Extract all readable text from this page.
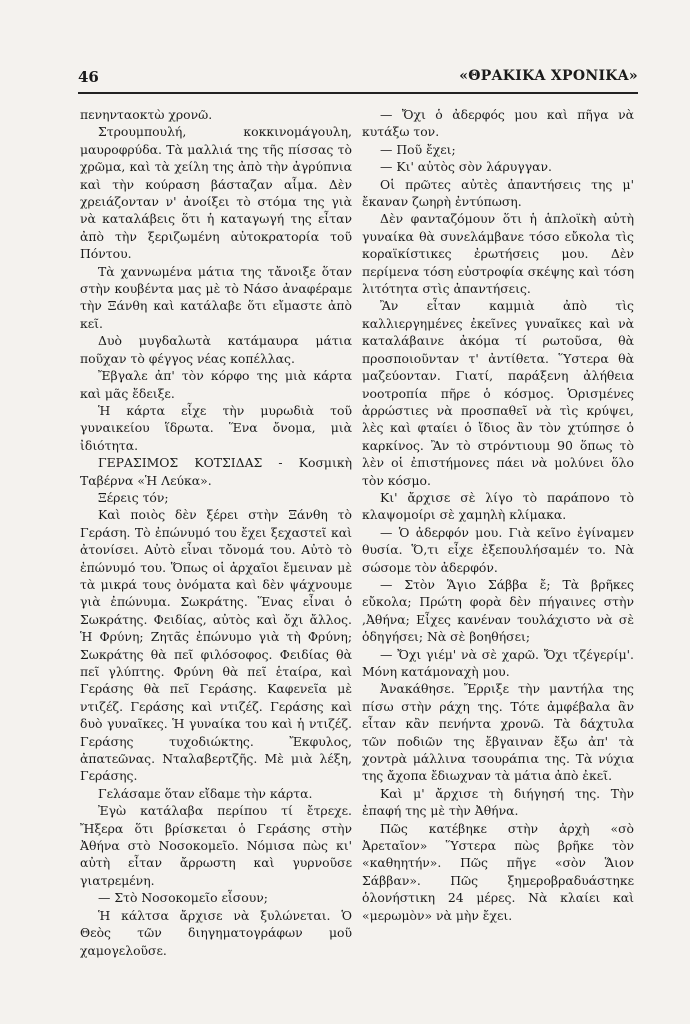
46	«ΘΡΑΚΙΚΑ ΧΡΟΝΙΚΑ»

πενηνταοκτὼ χρονῶ.

Στρουμπουλή, κοκκινομάγουλη, μαυροφρύδα. Τὰ μαλλιά της τῆς πίσσας τὸ χρῶμα, καὶ τὰ χείλη της ἀπὸ τὴν ἀγρύπνια καὶ τὴν κούραση βάσταζαν αἷμα. Δὲν χρειάζονταν ν' ἀνοίξει τὸ στόμα της γιὰ νὰ καταλάβεις ὅτι ἡ καταγωγή της εἶταν ἀπὸ τὴν ξεριζωμένη αὐτοκρατορία τοῦ Πόντου.

Τὰ χαννωμένα μάτια της τἄνοιξε ὅταν στὴν κουβέντα μας μὲ τὸ Νάσο ἀναφέραμε τὴν Ξάνθη καὶ κατάλαβε ὅτι εἴμαστε ἀπὸ κεῖ.

Δυὸ μυγδαλωτὰ κατάμαυρα μάτια ποῦχαν τὸ φέγγος νέας κοπέλλας.

Ἔβγαλε ἀπ' τὸν κόρφο της μιὰ κάρτα καὶ μᾶς ἔδειξε.

Ἡ κάρτα εἶχε τὴν μυρωδιὰ τοῦ γυναικείου ἵδρωτα. Ἕνα ὄνομα, μιὰ ἰδιότητα.

ΓΕΡΑΣΙΜΟΣ ΚΟΤΣΙΔΑΣ - Κοσμικὴ Ταβέρνα «Ἡ Λεύκα».

Ξέρεις τόν;

Καὶ ποιὸς δὲν ξέρει στὴν Ξάνθη τὸ Γεράση. Τὸ ἐπώνυμό του ἔχει ξεχαστεῖ καὶ ἀτονίσει. Αὐτὸ εἶναι τὄνομά του. Αὐτὸ τὸ ἐπώνυμό του. Ὅπως οἱ ἀρχαῖοι ἔμειναν μὲ τὰ μικρά τους ὀνόματα καὶ δὲν ψάχνουμε γιὰ ἐπώνυμα. Σωκράτης. Ἕνας εἶναι ὁ Σωκράτης. Φειδίας, αὐτὸς καὶ ὄχι ἄλλος. Ἡ Φρύνη; Ζητᾶς ἐπώνυμο γιὰ τὴ Φρύνη; Σωκράτης θὰ πεῖ φιλόσοφος. Φειδίας θὰ πεῖ γλύπτης. Φρύνη θὰ πεῖ ἑταίρα, καὶ Γεράσης θὰ πεῖ Γεράσης. Καφενεῖα μὲ ντιζέζ. Γεράσης καὶ ντιζέζ. Γεράσης καὶ δυὸ γυναῖκες. Ἡ γυναίκα του καὶ ἡ ντιζέζ. Γεράσης τυχοδιώκτης. Ἔκφυλος, ἀπατεῶνας. Νταλαβερτζῆς. Μὲ μιὰ λέξη, Γεράσης.

Γελάσαμε ὅταν εἴδαμε τὴν κάρτα.

Ἐγὼ κατάλαβα περίπου τί ἔτρεχε. Ἤξερα ὅτι βρίσκεται ὁ Γεράσης στὴν Ἀθήνα στὸ Νοσοκομεῖο. Νόμισα πὼς κι' αὐτὴ εἶταν ἄρρωστη καὶ γυρνοῦσε γιατρεμένη.

— Στὸ Νοσοκομεῖο εἶσουν;

Ἡ κάλτσα ἄρχισε νὰ ξυλώνεται. Ὁ Θεὸς τῶν διηγηματογράφων μοῦ χαμογελοῦσε.

— Ὄχι ὁ ἀδερφός μου καὶ πῆγα νὰ κυτάξω τον.

— Ποῦ ἔχει;

— Κι' αὐτὸς σὸν λάρυγγαν.

Οἱ πρῶτες αὐτὲς ἀπαντήσεις της μ' ἔκαναν ζωηρὴ ἐντύπωση.

Δὲν φανταζόμουν ὅτι ἡ ἁπλοϊκὴ αὐτὴ γυναίκα θὰ συνελάμβανε τόσο εὔκολα τὶς κοραϊκίστικες ἐρωτήσεις μου. Δὲν περίμενα τόση εὐστροφία σκέψης καὶ τόση λιτότητα στὶς ἀπαντήσεις.

Ἂν εἶταν καμμιὰ ἀπὸ τὶς καλλιεργημένες ἐκεῖνες γυναῖκες καὶ νὰ καταλάβαινε ἀκόμα τί ρωτοῦσα, θὰ προσποιοῦνταν τ' ἀντίθετα. Ὕστερα θὰ μαζεύονταν. Γιατί, παράξενη ἀλήθεια νοοτροπία πῆρε ὁ κόσμος. Ὁρισμένες ἀρρώστιες νὰ προσπαθεῖ νὰ τὶς κρύψει, λὲς καὶ φταίει ὁ ἴδιος ἂν τὸν χτύπησε ὁ καρκίνος. Ἂν τὸ στρόντιουμ 90 ὅπως τὸ λὲν οἱ ἐπιστήμονες πάει νὰ μολύνει ὅλο τὸν κόσμο.

Κι' ἄρχισε σὲ λίγο τὸ παράπονο τὸ κλαψομοίρι σὲ χαμηλὴ κλίμακα.

— Ὁ ἀδερφόν μου. Γιὰ κεῖνο ἐγίναμεν θυσία. Ὅ,τι εἶχε ἐξεπουλήσαμέν το. Νὰ σώσομε τὸν ἀδερφόν.

— Στὸν Ἅγιο Σάββα ἔ; Τὰ βρῆκες εὔκολα; Πρώτη φορὰ δὲν πήγαινες στὴν ,Ἀθήνα; Εἶχες κανέναν τουλάχιστο νὰ σὲ ὁδηγήσει; Νὰ σὲ βοηθήσει;

— Ὄχι γιέμ' νὰ σὲ χαρῶ. Ὄχι τζέγερίμ'. Μόνη κατάμοναχὴ μου.

Ἀνακάθησε. Ἔρριξε τὴν μαντήλα της πίσω στὴν ράχη της. Τότε ἀμφέβαλα ἂν εἶταν κἂν πενήντα χρονῶ. Τὰ δάχτυλα τῶν ποδιῶν της ἔβγαιναν ἔξω ἀπ' τὰ χοντρὰ μάλλινα τσουράπια της. Τὰ νύχια της ἄχοπα ἔδιωχναν τὰ μάτια ἀπὸ ἐκεῖ.

Καὶ μ' ἄρχισε τὴ διήγησή της. Τὴν ἐπαφή της μὲ τὴν Ἀθήνα.

Πῶς κατέβηκε στὴν ἀρχὴ «σὸ Ἀρεταῖον» Ὕστερα πὼς βρῆκε τὸν «καθηητήν». Πῶς πῆγε «σὸν Ἅιον Σάββαν». Πῶς ξημεροβραδυάστηκε ὁλονήστικη 24 μέρες. Νὰ κλαίει καὶ «μερωμὸν» νὰ μὴν ἔχει.
